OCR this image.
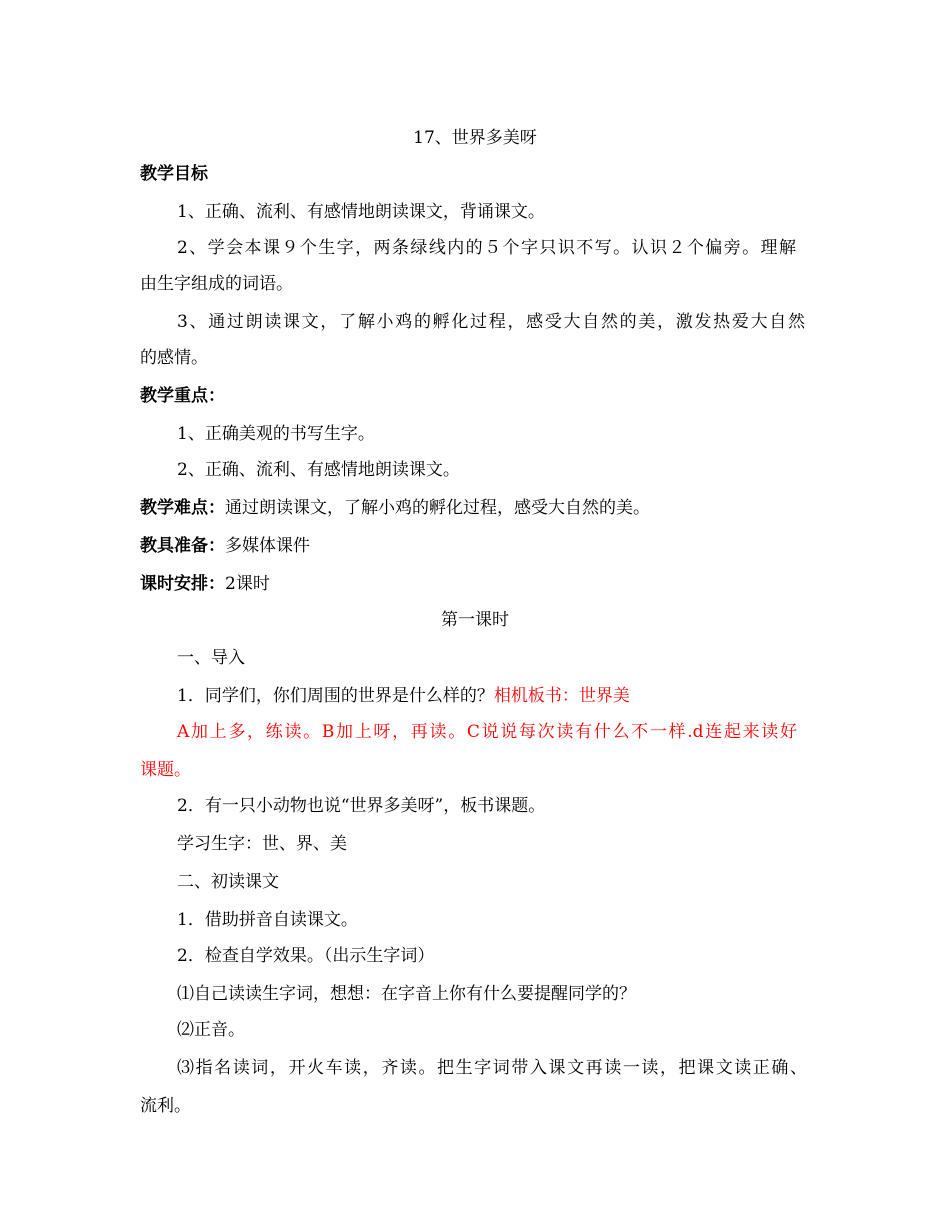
17、世界多美呀
教学目标
1、正确、流利、有感情地朗读课文，背诵课文。
2、学会本课９个生字，两条绿线内的５个字只识不写。认识２个偏旁。理解
由生字组成的词语。
3、通过朗读课文，了解小鸡的孵化过程，感受大自然的美，激发热爱大自然
的感情。
教学重点：
1、正确美观的书写生字。
2、正确、流利、有感情地朗读课文。
教学难点：通过朗读课文，了解小鸡的孵化过程，感受大自然的美。
教具准备：多媒体课件
课时安排：2课时
第一课时
一、导入
1．同学们，你们周围的世界是什么样的？相机板书：世界美
A加上多，练读。B加上呀，再读。C说说每次读有什么不一样.d连起来读好
课题。
2．有一只小动物也说“世界多美呀”，板书课题。
学习生字：世、界、美
二、初读课文
1．借助拼音自读课文。
2．检查自学效果。（出示生字词）
⑴自己读读生字词，想想：在字音上你有什么要提醒同学的？
⑵正音。
⑶指名读词，开火车读，齐读。把生字词带入课文再读一读，把课文读正确、
流利。
